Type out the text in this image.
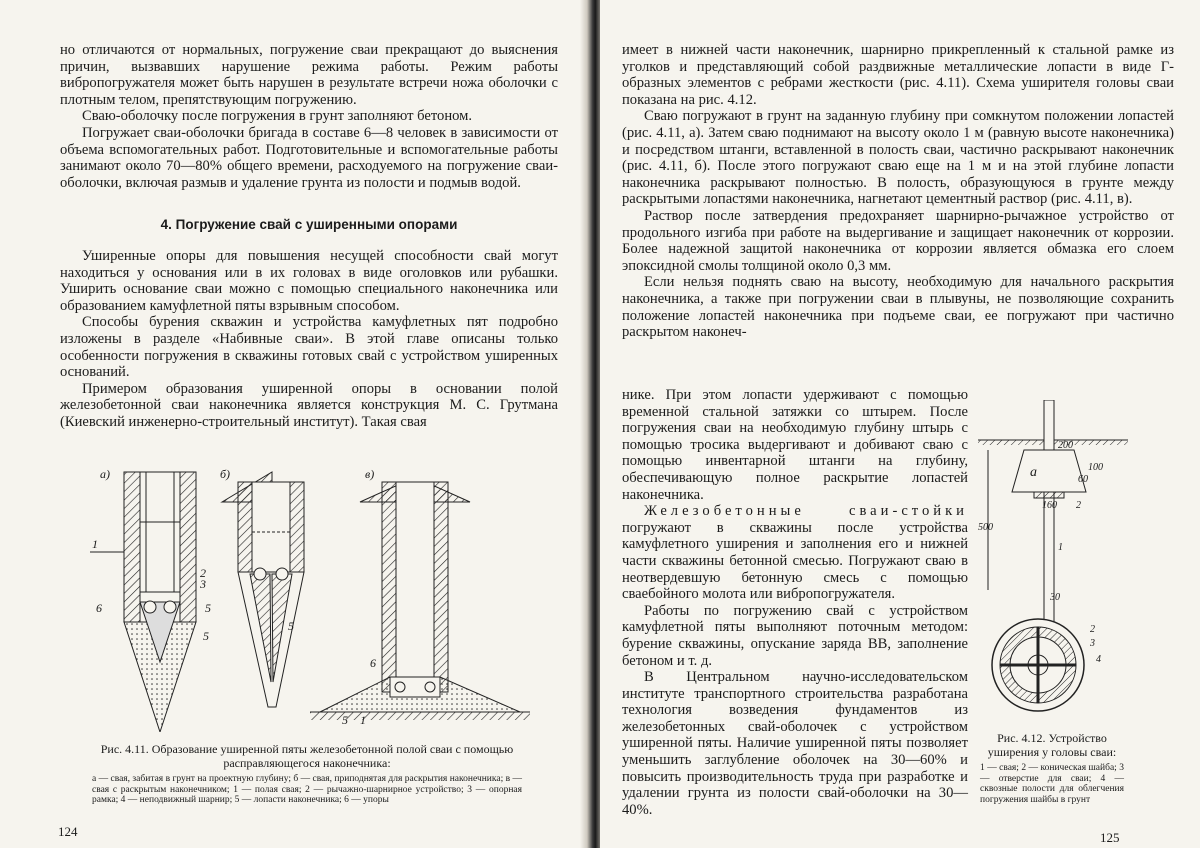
но отличаются от нормальных, погружение сваи прекращают до выяснения причин, вызвавших нарушение режима работы. Режим работы вибропогружателя может быть нарушен в результате встречи ножа оболочки с плотным телом, препятствующим погружению.

Сваю-оболочку после погружения в грунт заполняют бетоном.

Погружает сваи-оболочки бригада в составе 6—8 человек в зависимости от объема вспомогательных работ. Подготовительные и вспомогательные работы занимают около 70—80% общего времени, расходуемого на погружение сваи-оболочки, включая размыв и удаление грунта из полости и подмыв водой.

4. Погружение свай с уширенными опорами

Уширенные опоры для повышения несущей способности свай могут находиться у основания или в их головах в виде оголовков или рубашки. Уширить основание сваи можно с помощью специального наконечника или образованием камуфлетной пяты взрывным способом.

Способы бурения скважин и устройства камуфлетных пят подробно изложены в разделе «Набивные сваи». В этой главе описаны только особенности погружения в скважины готовых свай с устройством уширенных оснований.

Примером образования уширенной опоры в основании полой железобетонной сваи наконечника является конструкция М. С. Грутмана (Киевский инженерно-строительный институт). Такая свая

а)
1
2
3
5
5
6
б)
5
в)
6
5 1
Рис. 4.11. Образование уширенной пяты железобетонной полой сваи с помощью расправляющегося наконечника:
а — свая, забитая в грунт на проектную глубину; б — свая, приподнятая для раскрытия наконечника; в — свая с раскрытым наконечником; 1 — полая свая; 2 — рычажно-шарнирное устройство; 3 — опорная рамка; 4 — неподвижный шарнир; 5 — лопасти наконечника; 6 — упоры
124

имеет в нижней части наконечник, шарнирно прикрепленный к стальной рамке из уголков и представляющий собой раздвижные металлические лопасти в виде Г-образных элементов с ребрами жесткости (рис. 4.11). Схема уширителя головы сваи показана на рис. 4.12.

Сваю погружают в грунт на заданную глубину при сомкнутом положении лопастей (рис. 4.11, а). Затем сваю поднимают на высоту около 1 м (равную высоте наконечника) и посредством штанги, вставленной в полость сваи, частично раскрывают наконечник (рис. 4.11, б). После этого погружают сваю еще на 1 м и на этой глубине лопасти наконечника раскрывают полностью. В полость, образующуюся в грунте между раскрытыми лопастями наконечника, нагнетают цементный раствор (рис. 4.11, в).

Раствор после затвердения предохраняет шарнирно-рычажное устройство от продольного изгиба при работе на выдергивание и защищает наконечник от коррозии. Более надежной защитой наконечника от коррозии является обмазка его слоем эпоксидной смолы толщиной около 0,3 мм.

Если нельзя поднять сваю на высоту, необходимую для начального раскрытия наконечника, а также при погружении сваи в плывуны, не позволяющие сохранить положение лопастей наконечника при подъеме сваи, ее погружают при частично раскрытом наконеч-

нике. При этом лопасти удерживают с помощью временной стальной затяжки со штырем. После погружения сваи на необходимую глубину штырь с помощью тросика выдергивают и добивают сваю с помощью инвентарной штанги на глубину, обеспечивающую полное раскрытие лопастей наконечника.

Железобетонные сваи-стойки погружают в скважины после устройства камуфлетного уширения и заполнения его и нижней части скважины бетонной смесью. Погружают сваю в неотвердевшую бетонную смесь с помощью сваебойного молота или вибропогружателя.

Работы по погружению свай с устройством камуфлетной пяты выполняют поточным методом: бурение скважины, опускание заряда ВВ, заполнение бетоном и т. д.

В Центральном научно-исследовательском институте транспортного строительства разработана технология возведения фундаментов из железобетонных свай-оболочек с устройством уширенной пяты. Наличие уширенной пяты позволяет уменьшить заглубление оболочек на 30—60% и повысить производительность труда при разработке и удалении грунта из полости свай-оболочки на 30—40%.

а
200
100
60
160 2
500
1
30
2
3
4
Рис. 4.12. Устройство уширения у головы сваи:
1 — свая; 2 — коническая шайба; 3 — отверстие для сваи; 4 — сквозные полости для облегчения погружения шайбы в грунт
125
